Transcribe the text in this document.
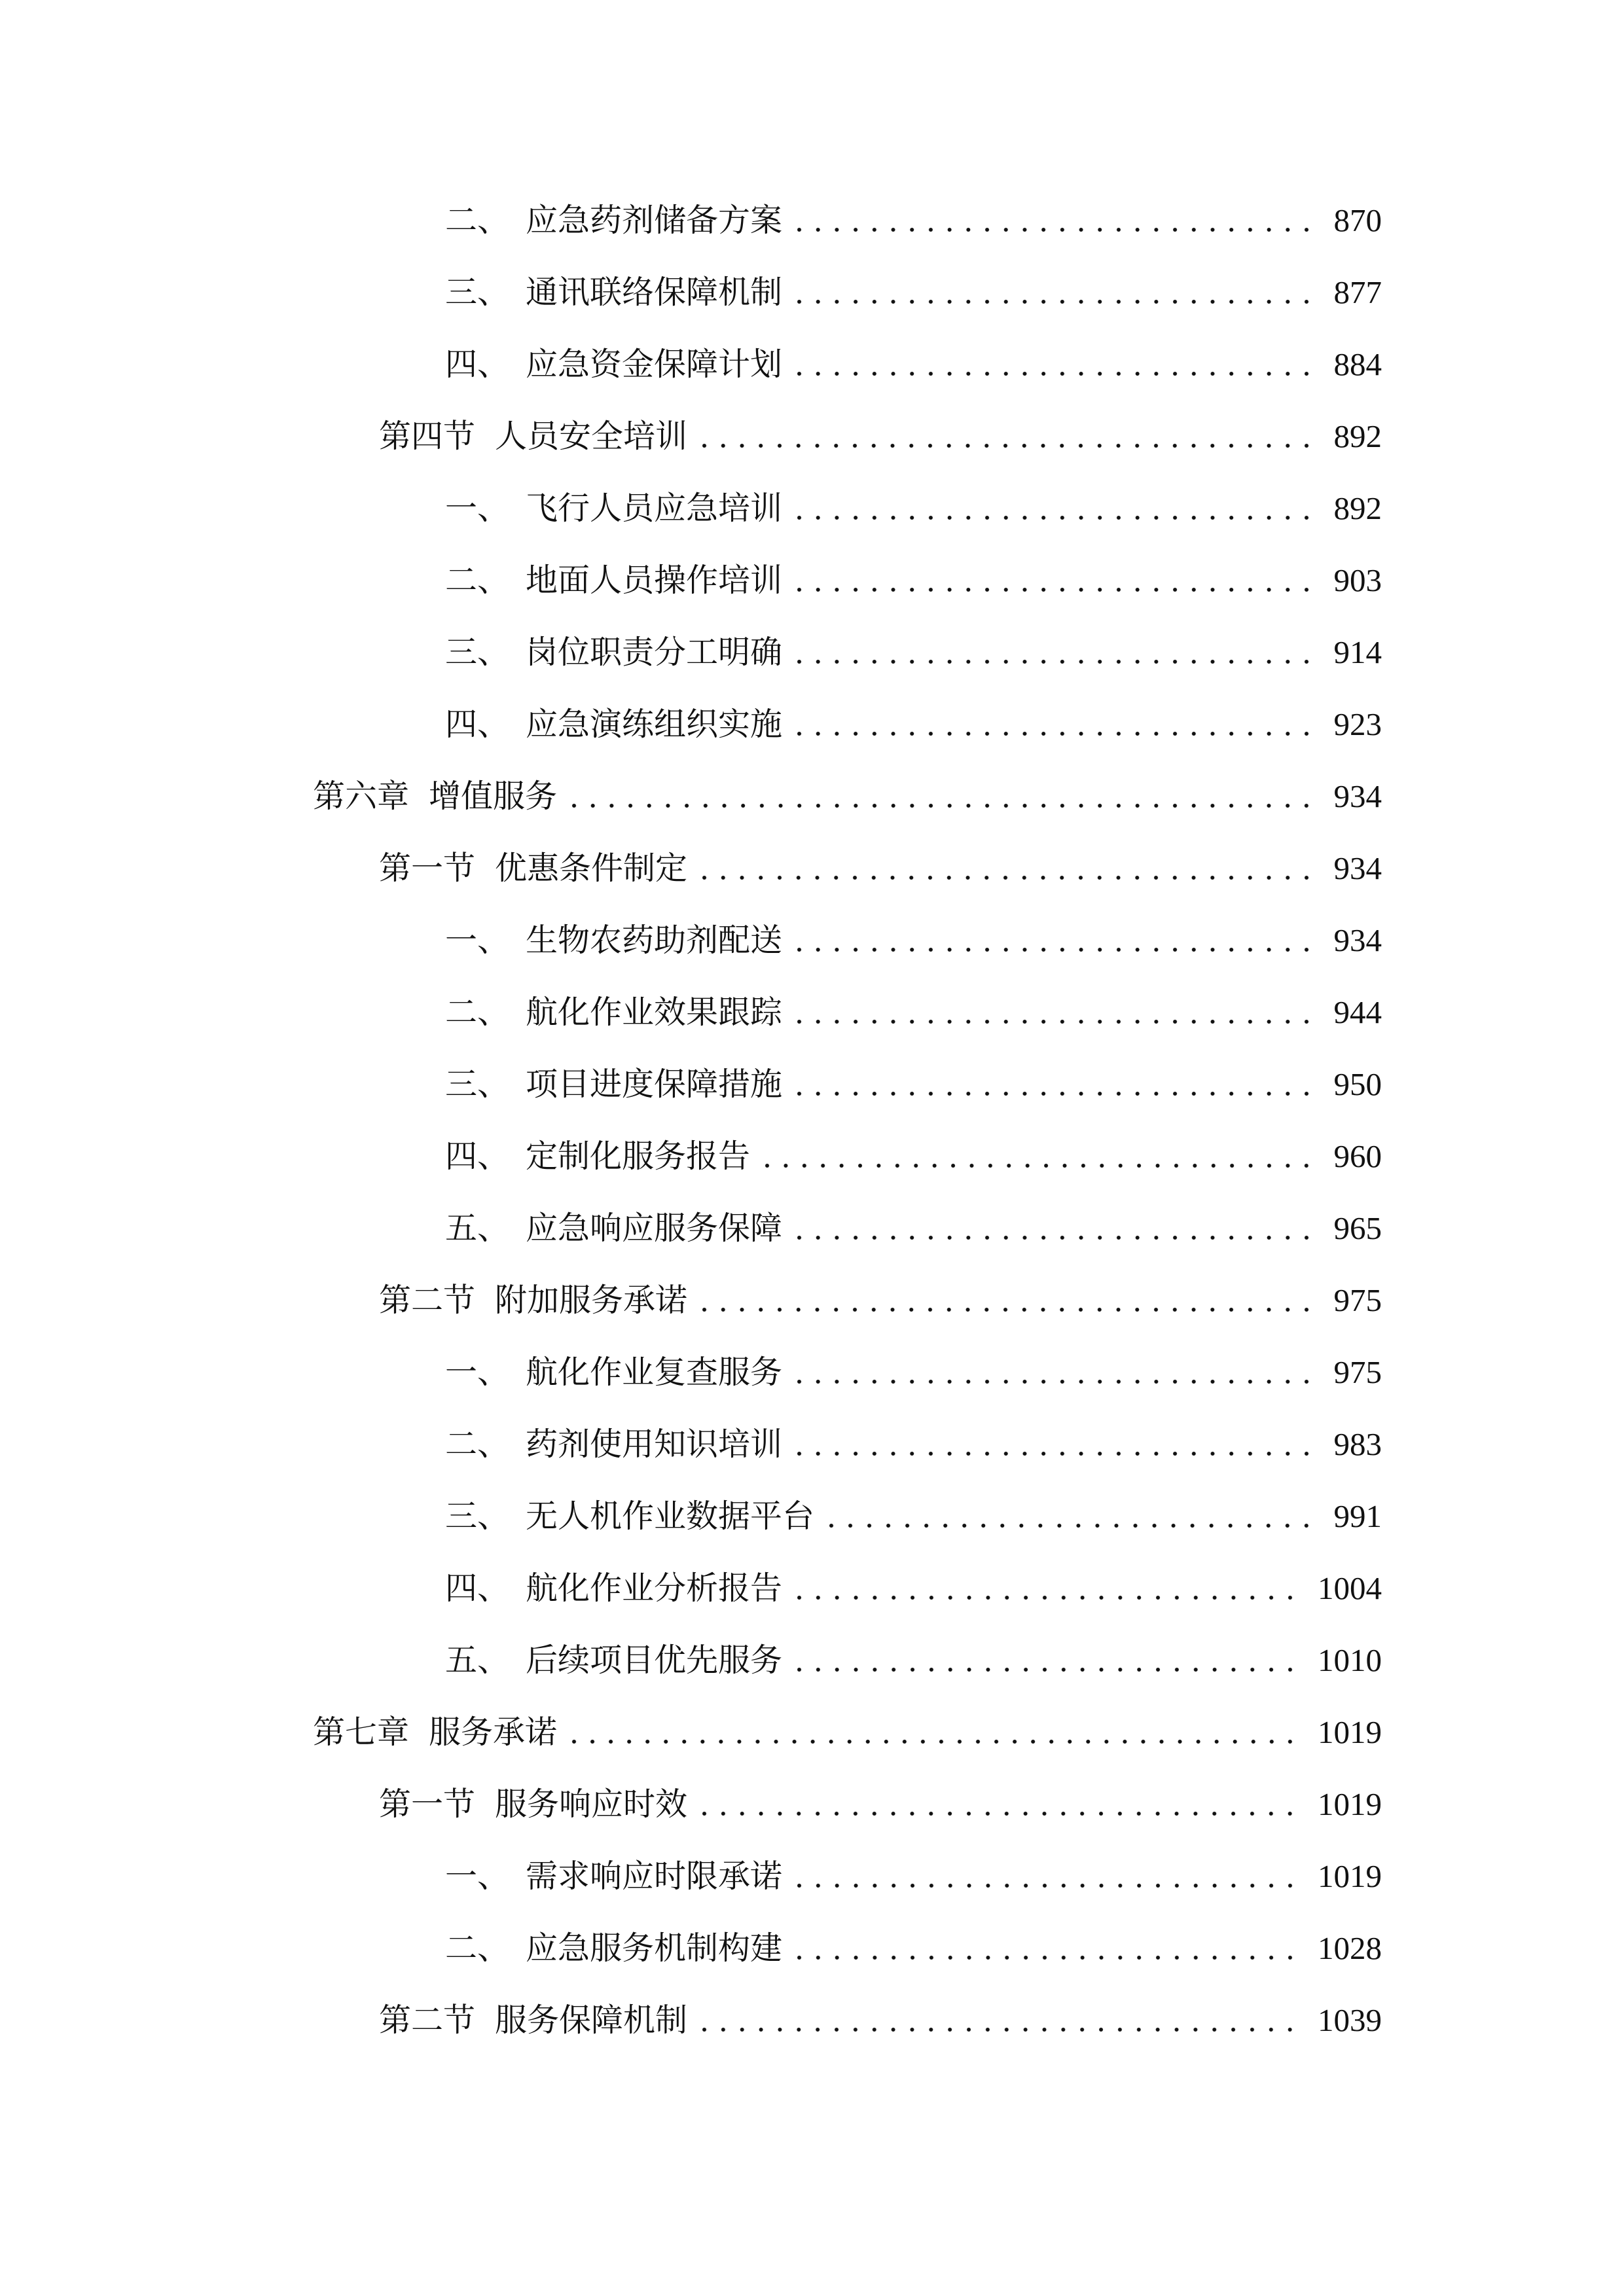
二、 应急药剂储备方案	870
三、 通讯联络保障机制	877
四、 应急资金保障计划	884
第四节 人员安全培训	892
一、 飞行人员应急培训	892
二、 地面人员操作培训	903
三、 岗位职责分工明确	914
四、 应急演练组织实施	923
第六章 增值服务	934
第一节 优惠条件制定	934
一、 生物农药助剂配送	934
二、 航化作业效果跟踪	944
三、 项目进度保障措施	950
四、 定制化服务报告	960
五、 应急响应服务保障	965
第二节 附加服务承诺	975
一、 航化作业复查服务	975
二、 药剂使用知识培训	983
三、 无人机作业数据平台	991
四、 航化作业分析报告	1004
五、 后续项目优先服务	1010
第七章 服务承诺	1019
第一节 服务响应时效	1019
一、 需求响应时限承诺	1019
二、 应急服务机制构建	1028
第二节 服务保障机制	1039
